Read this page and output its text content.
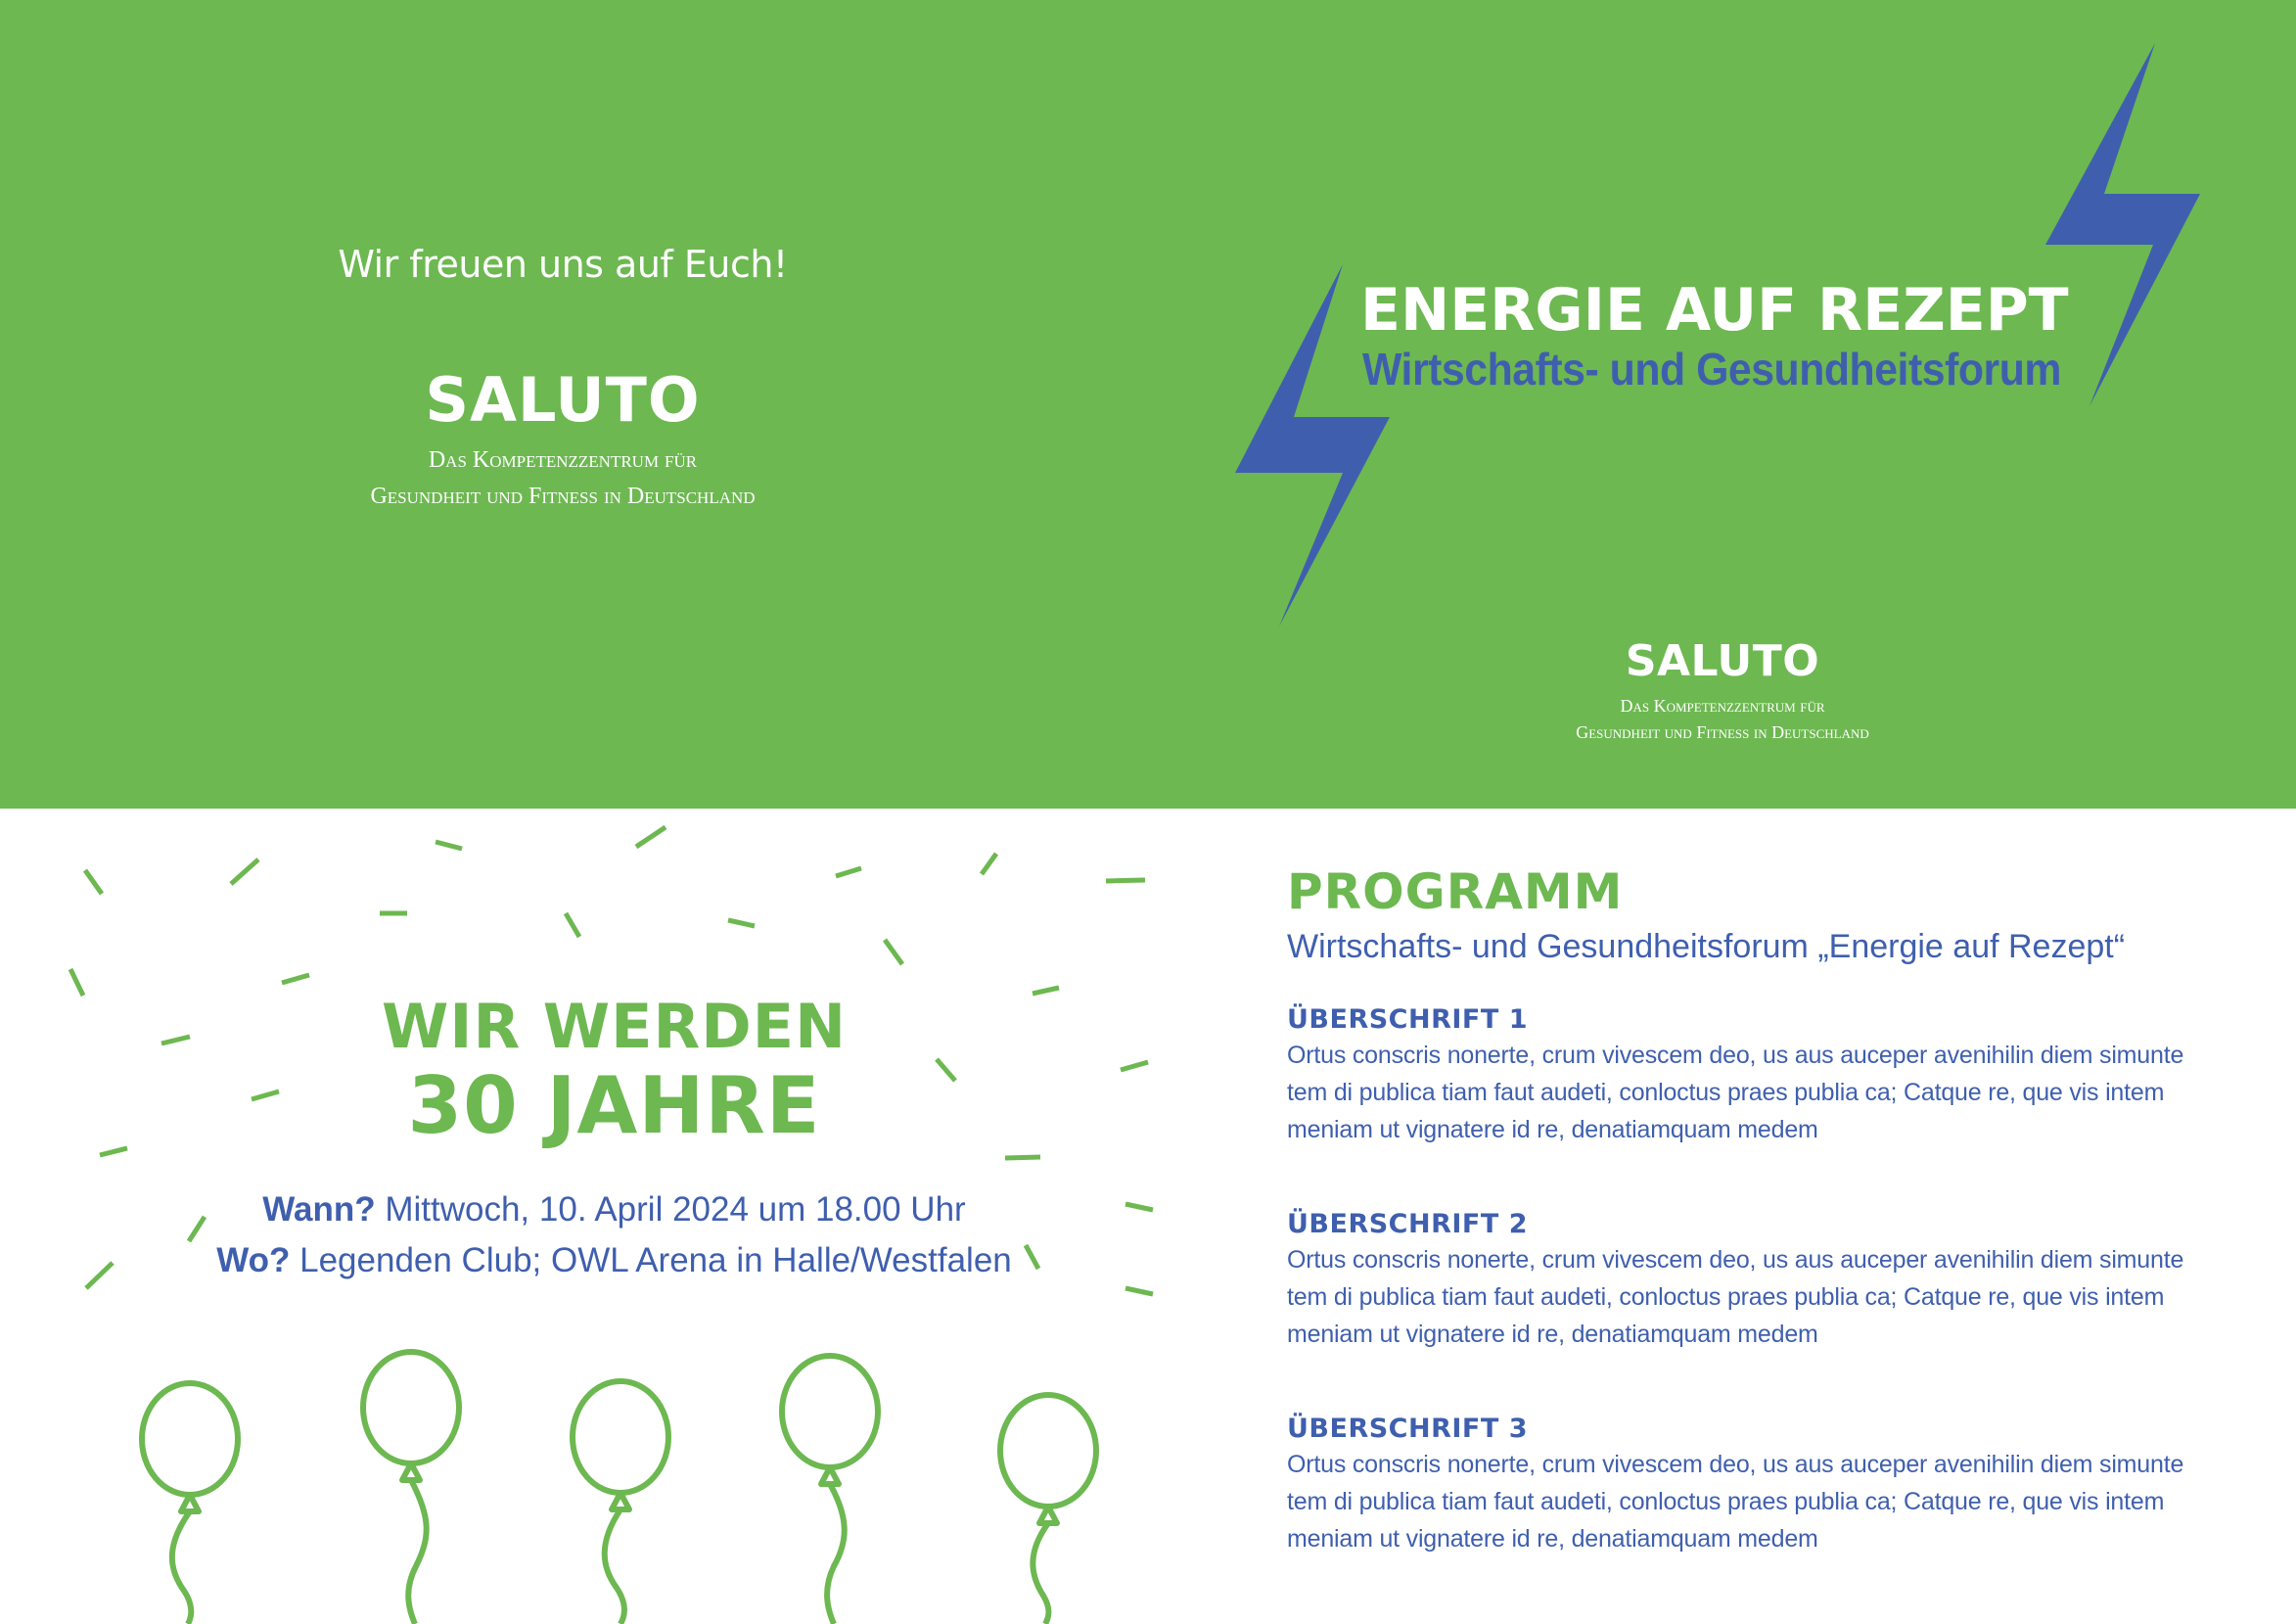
Wir freuen uns auf Euch!
SALUTO
Das Kompetenzzentrum für
Gesundheit und Fitness in Deutschland
ENERGIE AUF REZEPT
Wirtschafts- und Gesundheitsforum
SALUTO
Das Kompetenzzentrum für
Gesundheit und Fitness in Deutschland
WIR WERDEN
30 JAHRE
Wann? Mittwoch, 10. April 2024 um 18.00 Uhr
Wo? Legenden Club; OWL Arena in Halle/Westfalen
PROGRAMM
Wirtschafts- und Gesundheitsforum „Energie auf Rezept“
ÜBERSCHRIFT 1

Ortus conscris nonerte, crum vivescem deo, us aus auceper avenihilin diem simunte
tem di publica tiam faut audeti, conloctus praes publia ca; Catque re, que vis intem
meniam ut vignatere id re, denatiamquam medem

ÜBERSCHRIFT 2

Ortus conscris nonerte, crum vivescem deo, us aus auceper avenihilin diem simunte
tem di publica tiam faut audeti, conloctus praes publia ca; Catque re, que vis intem
meniam ut vignatere id re, denatiamquam medem

ÜBERSCHRIFT 3

Ortus conscris nonerte, crum vivescem deo, us aus auceper avenihilin diem simunte
tem di publica tiam faut audeti, conloctus praes publia ca; Catque re, que vis intem
meniam ut vignatere id re, denatiamquam medem
